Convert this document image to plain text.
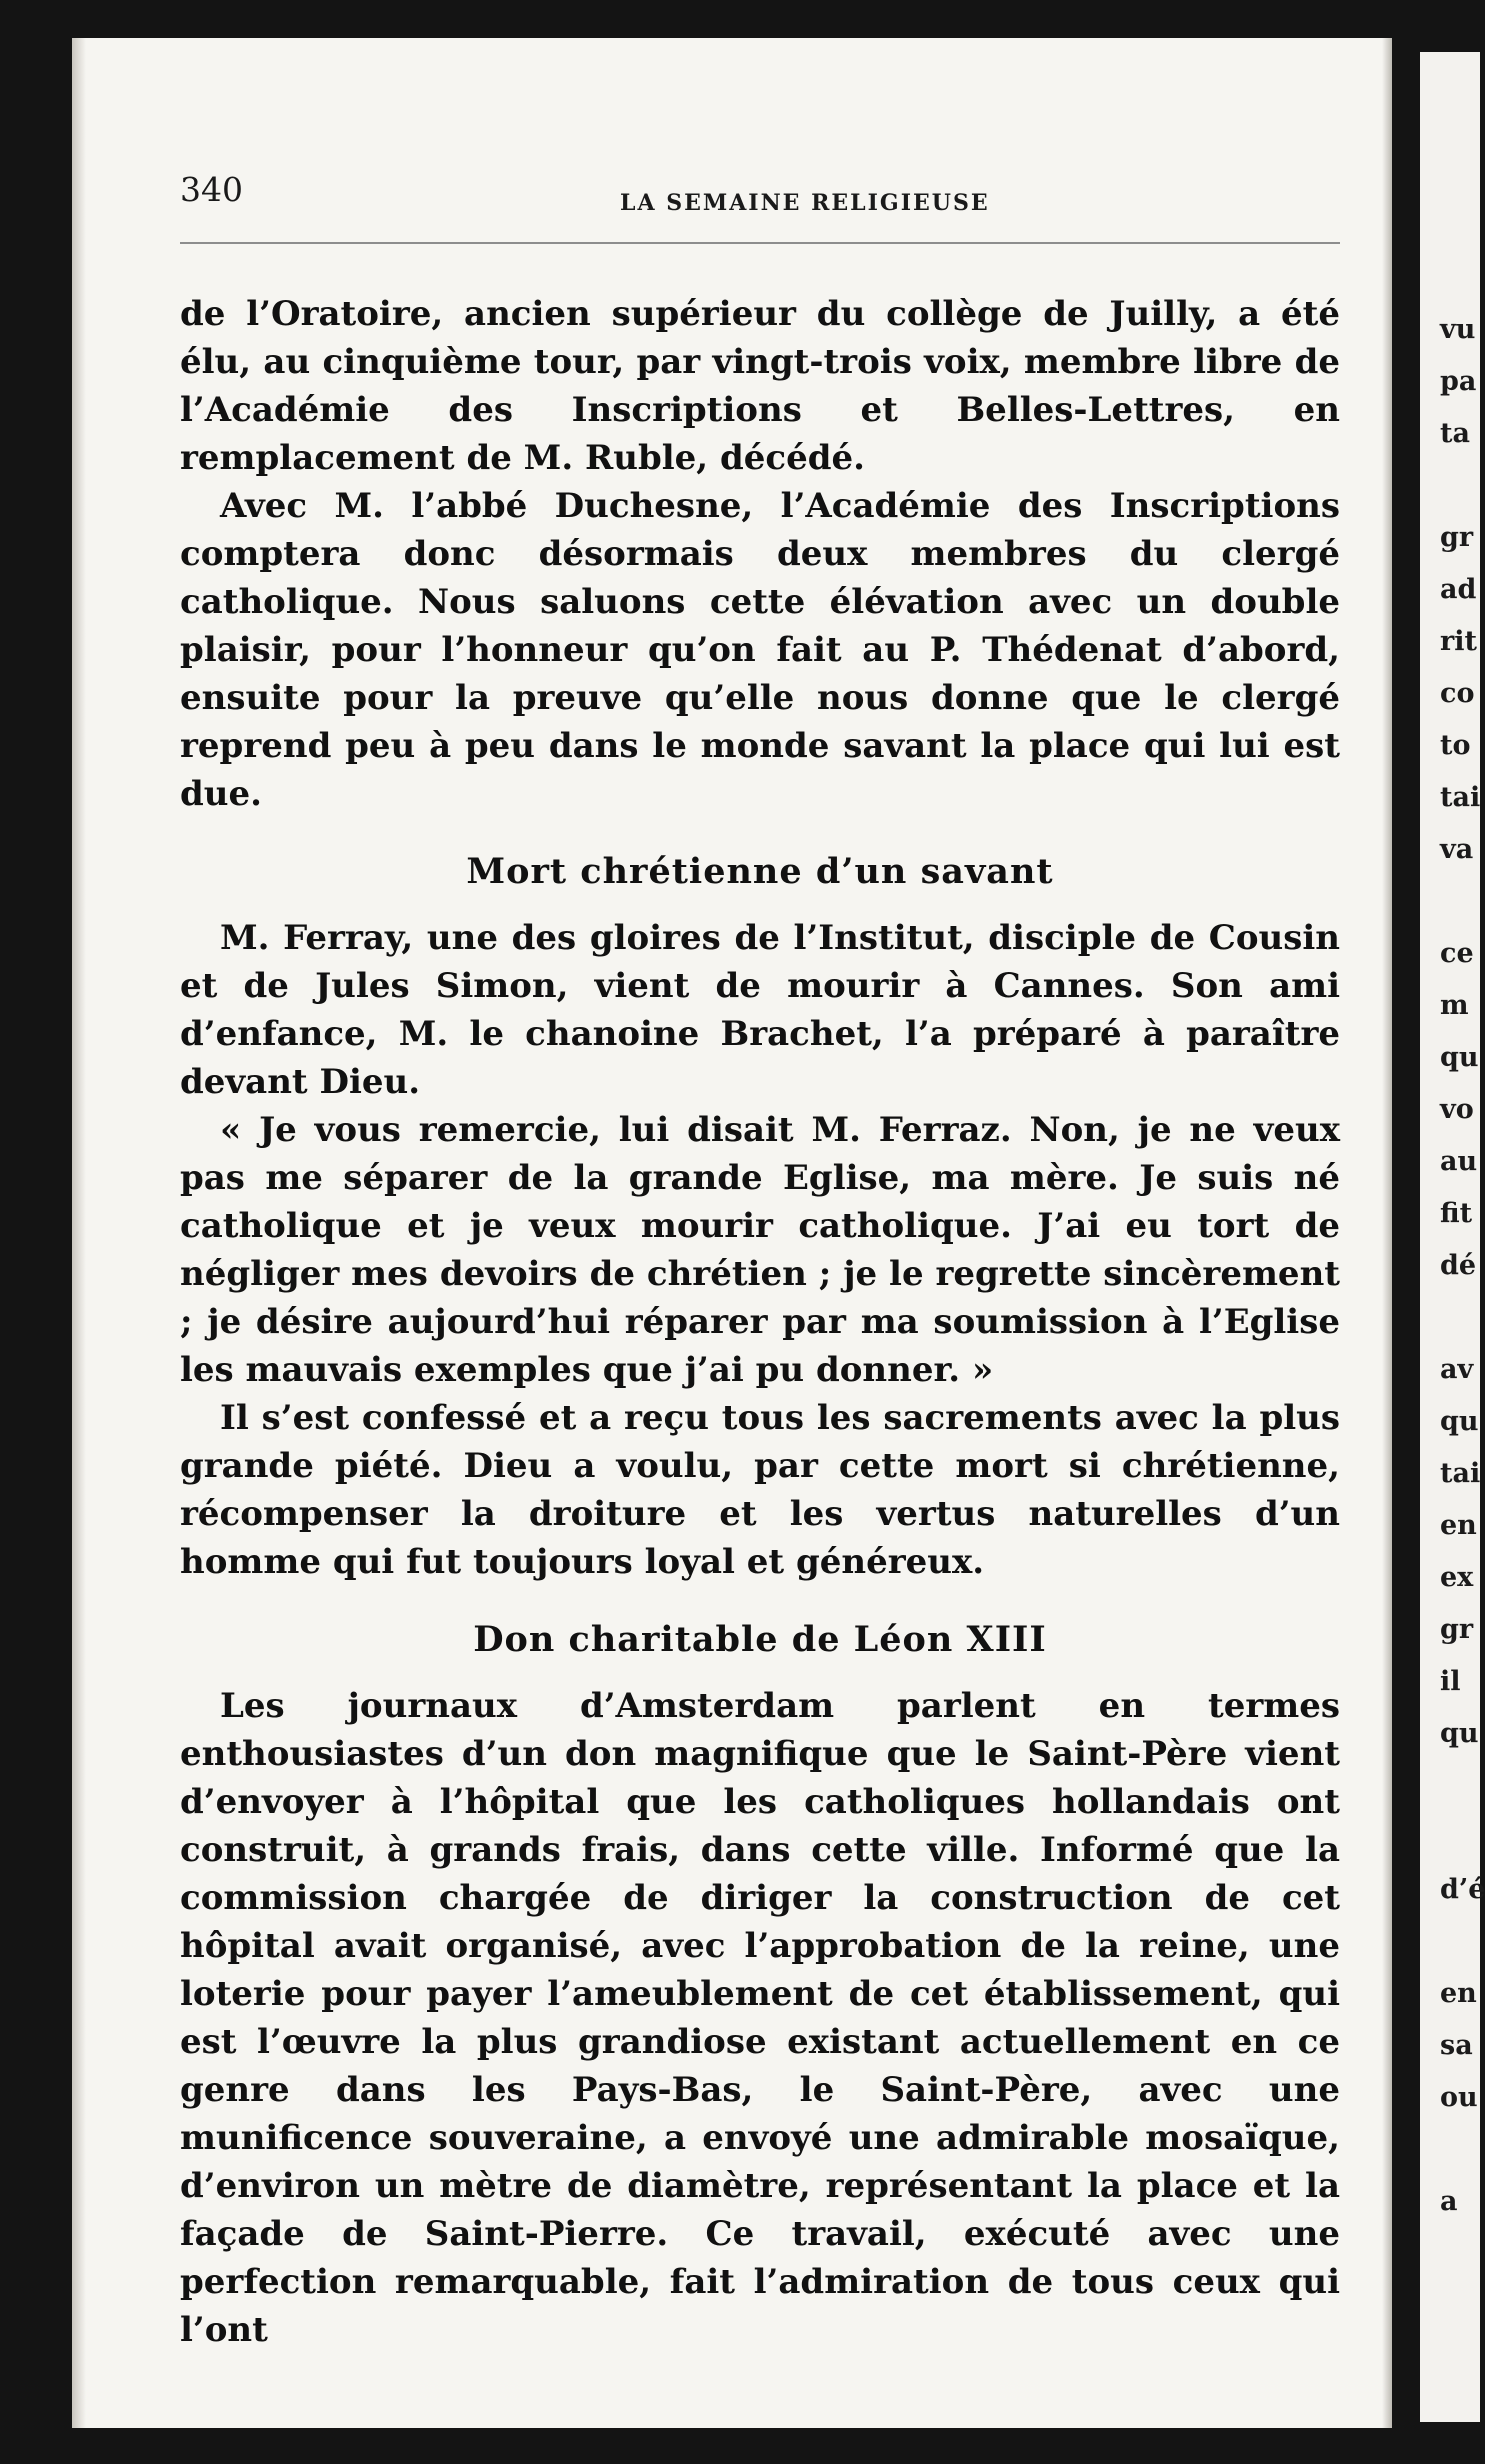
vu
pa
ta
gr
ad
rit
co
to
tai
va
ce
m
qu
vo
au
fit
dé
av
qu
tai
en
ex
gr
il
qu
d’é
en
sa
ou
a
340	LA SEMAINE RELIGIEUSE

de l’Oratoire, ancien supérieur du collège de Juilly, a été élu, au cinquième tour, par vingt-trois voix, membre libre de l’Académie des Inscriptions et Belles-Lettres, en remplacement de M. Ruble, décédé.

Avec M. l’abbé Duchesne, l’Académie des Inscriptions comptera donc désormais deux membres du clergé catholique. Nous saluons cette élévation avec un double plaisir, pour l’honneur qu’on fait au P. Thédenat d’abord, ensuite pour la preuve qu’elle nous donne que le clergé reprend peu à peu dans le monde savant la place qui lui est due.

Mort chrétienne d’un savant

M. Ferray, une des gloires de l’Institut, disciple de Cousin et de Jules Simon, vient de mourir à Cannes. Son ami d’enfance, M. le chanoine Brachet, l’a préparé à paraître devant Dieu.

« Je vous remercie, lui disait M. Ferraz. Non, je ne veux pas me séparer de la grande Eglise, ma mère. Je suis né catholique et je veux mourir catholique. J’ai eu tort de négliger mes devoirs de chrétien ; je le regrette sincèrement ; je désire aujourd’hui réparer par ma soumission à l’Eglise les mauvais exemples que j’ai pu donner. »

Il s’est confessé et a reçu tous les sacrements avec la plus grande piété. Dieu a voulu, par cette mort si chrétienne, récompenser la droiture et les vertus naturelles d’un homme qui fut toujours loyal et généreux.

Don charitable de Léon XIII

Les journaux d’Amsterdam parlent en termes enthousiastes d’un don magnifique que le Saint-Père vient d’envoyer à l’hôpital que les catholiques hollandais ont construit, à grands frais, dans cette ville. Informé que la commission chargée de diriger la construction de cet hôpital avait organisé, avec l’approbation de la reine, une loterie pour payer l’ameublement de cet établissement, qui est l’œuvre la plus grandiose existant actuellement en ce genre dans les Pays-Bas, le Saint-Père, avec une munificence souveraine, a envoyé une admirable mosaïque, d’environ un mètre de diamètre, représentant la place et la façade de Saint-Pierre. Ce travail, exécuté avec une perfection remarquable, fait l’admiration de tous ceux qui l’ont
